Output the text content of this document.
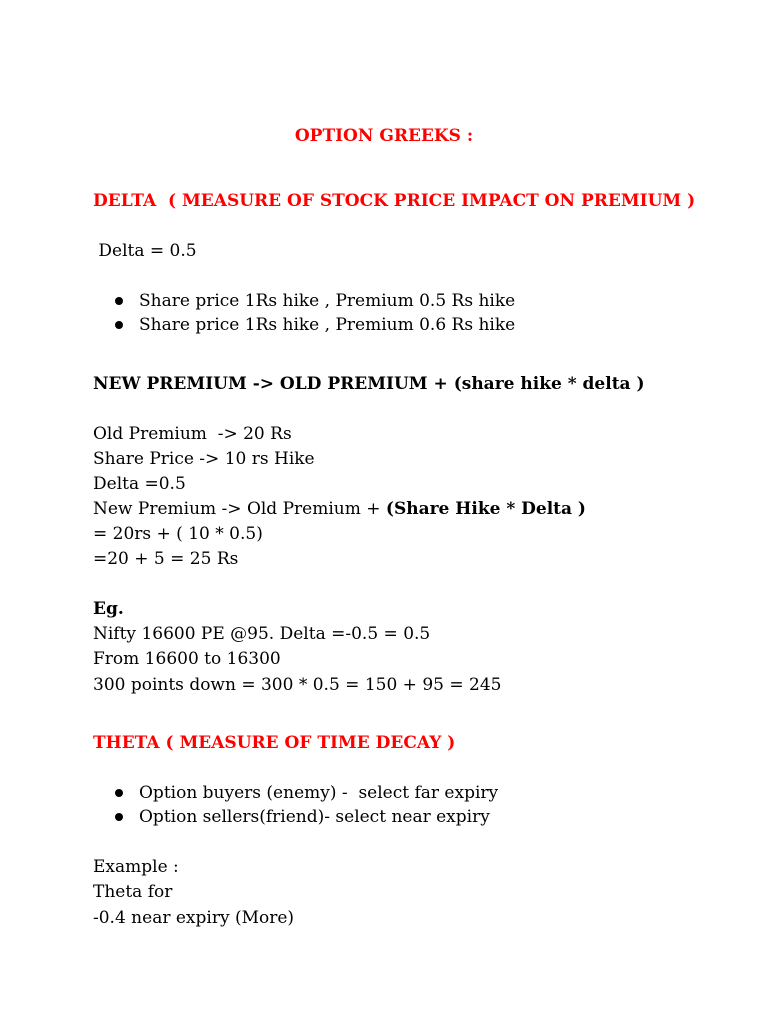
OPTION GREEKS :

DELTA  ( MEASURE OF STOCK PRICE IMPACT ON PREMIUM )

Delta = 0.5

Share price 1Rs hike , Premium 0.5 Rs hike

Share price 1Rs hike , Premium 0.6 Rs hike

NEW PREMIUM -> OLD PREMIUM + (share hike * delta )

Old Premium  -> 20 Rs

Share Price -> 10 rs Hike

Delta =0.5

New Premium -> Old Premium + (Share Hike * Delta )

= 20rs + ( 10 * 0.5)

=20 + 5 = 25 Rs

Eg.

Nifty 16600 PE @95. Delta =-0.5 = 0.5

From 16600 to 16300

300 points down = 300 * 0.5 = 150 + 95 = 245

THETA ( MEASURE OF TIME DECAY )

Option buyers (enemy) -  select far expiry

Option sellers(friend)- select near expiry

Example :

Theta for

-0.4 near expiry (More)
